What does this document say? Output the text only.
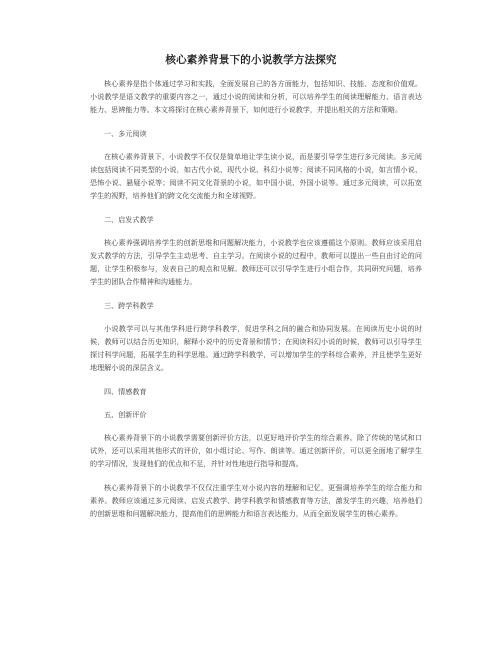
核心素养背景下的小说教学方法探究

核心素养是指个体通过学习和实践，全面发展自己的各方面能力，包括知识、技能、态度和价值观。小说教学是语文教学的重要内容之一，通过小说的阅读和分析，可以培养学生的阅读理解能力、语言表达能力、思辨能力等。本文将探讨在核心素养背景下，如何进行小说教学，并提出相关的方法和策略。

一、多元阅读

在核心素养背景下，小说教学不仅仅是简单地让学生读小说，而是要引导学生进行多元阅读。多元阅读包括阅读不同类型的小说，如古代小说、现代小说、科幻小说等；阅读不同风格的小说，如言情小说、恐怖小说、悬疑小说等；阅读不同文化背景的小说，如中国小说、外国小说等。通过多元阅读，可以拓宽学生的视野，培养他们的跨文化交流能力和全球视野。

二、启发式教学

核心素养强调培养学生的创新思维和问题解决能力，小说教学也应该遵循这个原则。教师应该采用启发式教学的方法，引导学生主动思考、自主学习。在阅读小说的过程中，教师可以提出一些自由讨论的问题，让学生积极参与，发表自己的观点和见解。教师还可以引导学生进行小组合作，共同研究问题，培养学生的团队合作精神和沟通能力。

三、跨学科教学

小说教学可以与其他学科进行跨学科教学，促进学科之间的融合和协同发展。在阅读历史小说的时候，教师可以结合历史知识，解释小说中的历史背景和情节；在阅读科幻小说的时候，教师可以引导学生探讨科学问题，拓展学生的科学思维。通过跨学科教学，可以增加学生的学科综合素养，并且使学生更好地理解小说的深层含义。

四、情感教育

五、创新评价

核心素养背景下的小说教学需要创新评价方法，以更好地评价学生的综合素养。除了传统的笔试和口试外，还可以采用其他形式的评价，如小组讨论、写作、朗读等。通过创新评价，可以更全面地了解学生的学习情况，发现他们的优点和不足，并针对性地进行指导和提高。

核心素养背景下的小说教学不仅仅注重学生对小说内容的理解和记忆，更强调培养学生的综合能力和素养。教师应该通过多元阅读、启发式教学、跨学科教学和情感教育等方法，激发学生的兴趣，培养他们的创新思维和问题解决能力，提高他们的思辨能力和语言表达能力，从而全面发展学生的核心素养。
